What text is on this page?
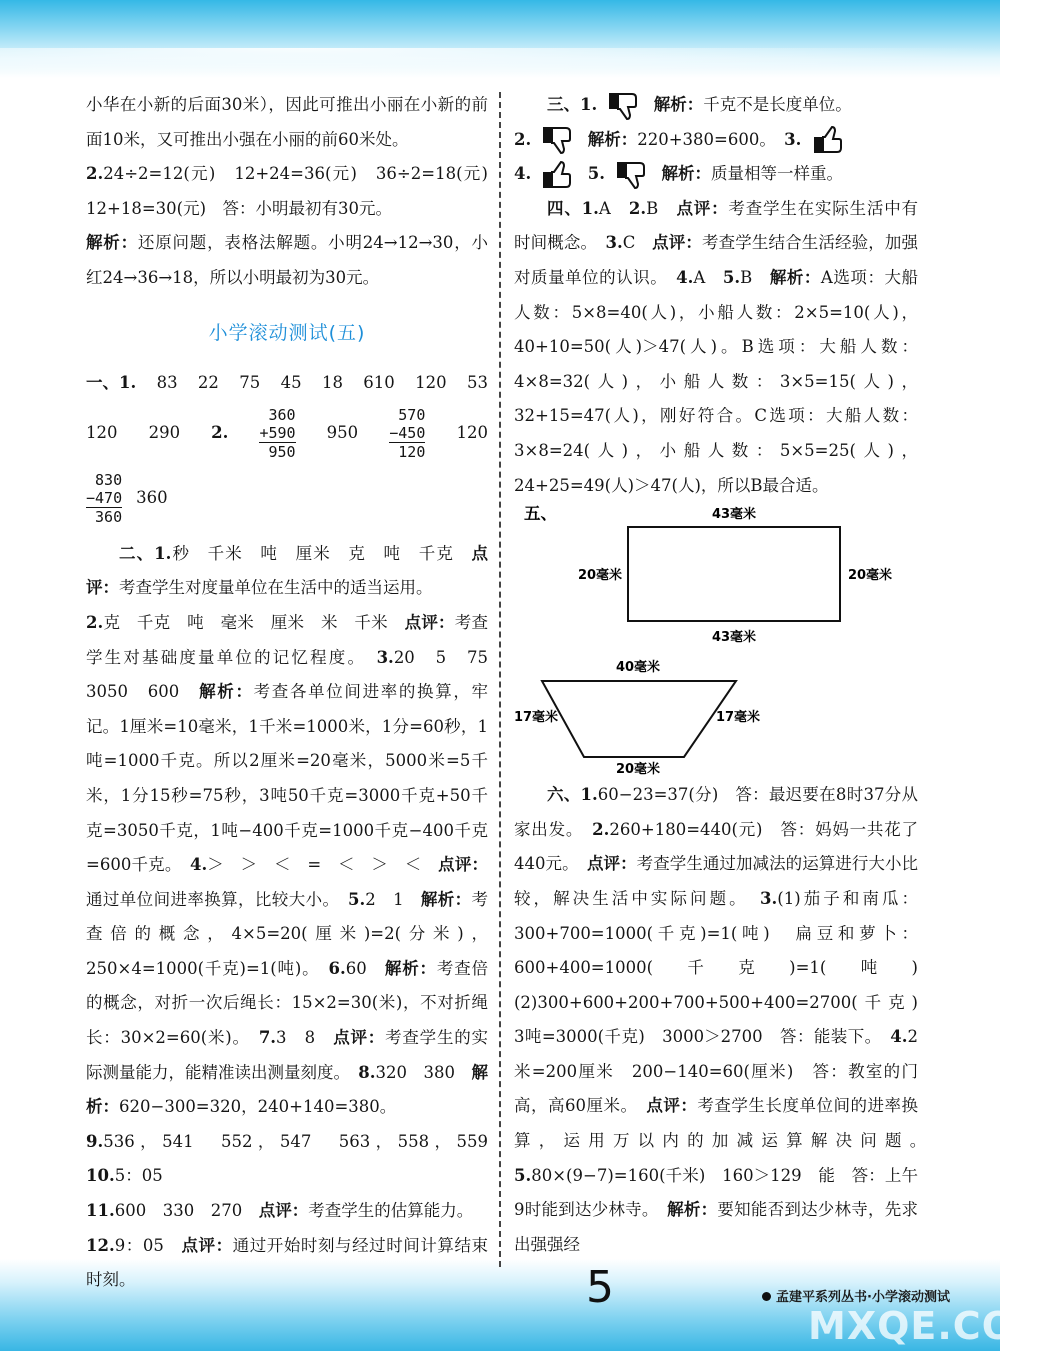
小华在小新的后面30米），因此可推出小丽在小新的前面10米，又可推出小强在小丽的前60米处。

2.24÷2=12(元)　12+24=36(元)　36÷2=18(元)　12+18=30(元)　答：小明最初有30元。

解析：还原问题，表格法解题。小明24→12→30，小红24→36→18，所以小明最初为30元。

小学滚动测试(五)
一、1. 83 22 75 45 18 610 120 53
120 290 2.
360
+590
950
950
570
−450
120
120
830
−470
360
360

二、1.秒　千米　吨　厘米　克　吨　千克　 点评：考查学生对度量单位在生活中的适当运用。

2.克　千克　吨　毫米　厘米　米　千米　 点评：考查学生对基础度量单位的记忆程度。　 3.20　5　75　3050　600　 解析：考查各单位间进率的换算，牢记。1厘米=10毫米，1千米=1000米，1分=60秒，1吨=1000千克。所以2厘米=20毫米，5000米=5千米，1分15秒=75秒，3吨50千克=3000千克+50千克=3050千克，1吨−400千克=1000千克−400千克=600千克。　 4.＞　＞　＜　=　＜　＞　＜　 点评：通过单位间进率换算，比较大小。　 5.2　1　 解析：考查倍的概念，4×5=20(厘米)=2(分米)，250×4=1000(千克)=1(吨)。　 6.60　 解析：考查倍的概念，对折一次后绳长：15×2=30(米)，不对折绳长：30×2=60(米)。　 7.3　8　 点评：考查学生的实际测量能力，能精准读出测量刻度。　 8.320　380　 解析：620−300=320，240+140=380。

9.536，541　552，547　563，558，559　10.5：05

11.600　330　270　 点评：考查学生的估算能力。

12.9：05　 点评：通过开始时刻与经过时间计算结束时刻。

三、1.	解析：千克不是长度单位。

2.	解析：220+380=600。　 3.

4.	5.	解析：质量相等一样重。

四、1.A　 2.B　 点评：考查学生在实际生活中有时间概念。　 3.C　 点评：考查学生结合生活经验，加强对质量单位的认识。　 4.A　 5.B　 解析：A选项：大船人数：5×8=40(人)，小船人数：2×5=10(人)，40+10=50(人)＞47(人)。B选项：大船人数：4×8=32(人)，小船人数：3×5=15(人)，32+15=47(人)，刚好符合。C选项：大船人数：3×8=24(人)，小船人数：5×5=25(人)，24+25=49(人)＞47(人)，所以B最合适。

五、	43毫米
20毫米	20毫米
43毫米
40毫米
17毫米	17毫米
20毫米

六、1.60−23=37(分)　答：最迟要在8时37分从家出发。　 2.260+180=440(元)　答：妈妈一共花了440元。　 点评：考查学生通过加减法的运算进行大小比较，解决生活中实际问题。　 3.(1)茄子和南瓜：300+700=1000(千克)=1(吨)　扁豆和萝卜：600+400=1000(千克)=1(吨)　(2)300+600+200+700+500+400=2700(千克)　3吨=3000(千克)　3000＞2700　答：能装下。　 4.2米=200厘米　200−140=60(厘米)　答：教室的门高，高60厘米。　 点评：考查学生长度单位间的进率换算，运用万以内的加减运算解决问题。　5.80×(9−7)=160(千米)　160＞129　能　答：上午9时能到达少林寺。　 解析：要知能否到达少林寺，先求出强强经

5	孟建平系列丛书·小学滚动测试
MXQE.COM
